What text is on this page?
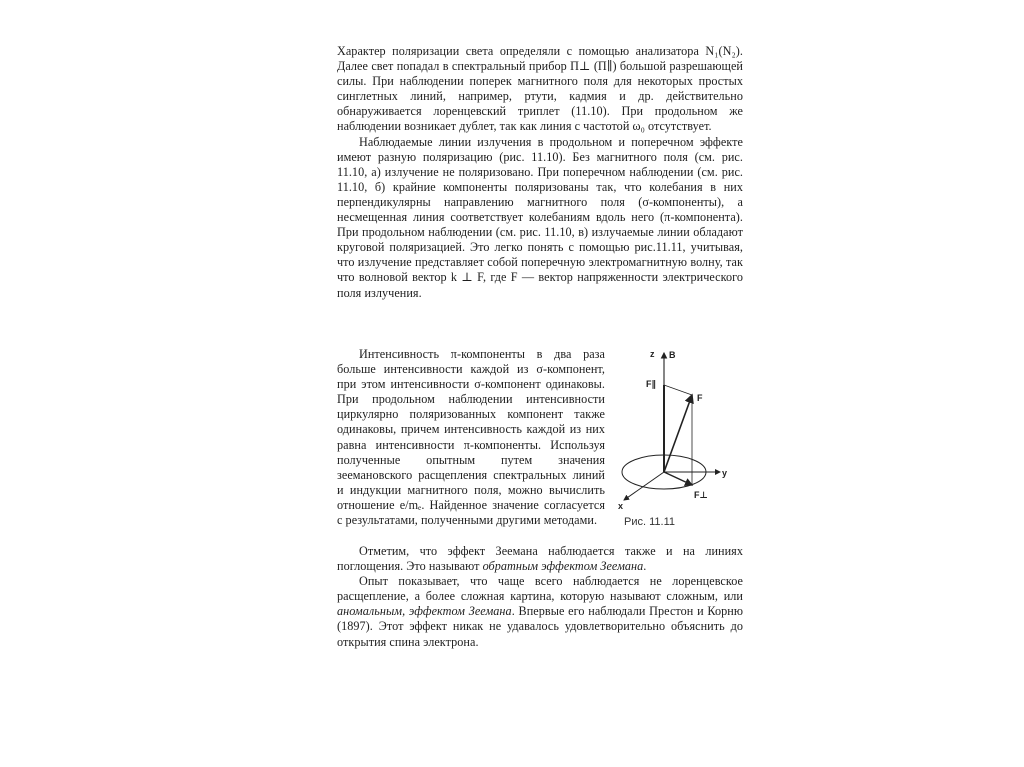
Характер поляризации света определяли с помощью анализатора N₁(N₂). Далее свет попадал в спектральный прибор П⊥ (П∥) большой разрешающей силы. При наблюдении поперек магнитного поля для некоторых простых синглетных линий, например, ртути, кадмия и др. действительно обнаруживается лоренцевский триплет (11.10). При продольном же наблюдении возникает дублет, так как линия с частотой ω₀ отсутствует.

Наблюдаемые линии излучения в продольном и поперечном эффекте имеют разную поляризацию (рис. 11.10). Без магнитного поля (см. рис. 11.10, а) излучение не поляризовано. При поперечном наблюдении (см. рис. 11.10, б) крайние компоненты поляризованы так, что колебания в них перпендикулярны направлению магнитного поля (σ-компоненты), а несмещенная линия соответствует колебаниям вдоль него (π-компонента). При продольном наблюдении (см. рис. 11.10, в) излучаемые линии обладают круговой поляризацией. Это легко понять с помощью рис.11.11, учитывая, что излучение представляет собой поперечную электромагнитную волну, так что волновой вектор k ⊥ F, где F — вектор напряженности электрического поля излучения.

Интенсивность π-компоненты в два раза больше интенсивности каждой из σ-компонент, при этом интенсивности σ-компонент одинаковы. При продольном наблюдении интенсивности циркулярно поляризованных компонент также одинаковы, причем интенсивность каждой из них равна интенсивности π-компоненты. Используя полученные опытным путем значения зеемановского расщепления спектральных линий и индукции магнитного поля, можно вычислить отношение e/mₑ. Найденное значение согласуется с результатами, полученными другими методами.

z B
F∥
F
y
x
F⊥
Рис. 11.11

Отметим, что эффект Зеемана наблюдается также и на линиях поглощения. Это называют обратным эффектом Зеемана.

Опыт показывает, что чаще всего наблюдается не лоренцевское расщепление, а более сложная картина, которую называют сложным, или аномальным, эффектом Зеемана. Впервые его наблюдали Престон и Корню (1897). Этот эффект никак не удавалось удовлетворительно объяснить до открытия спина электрона.
